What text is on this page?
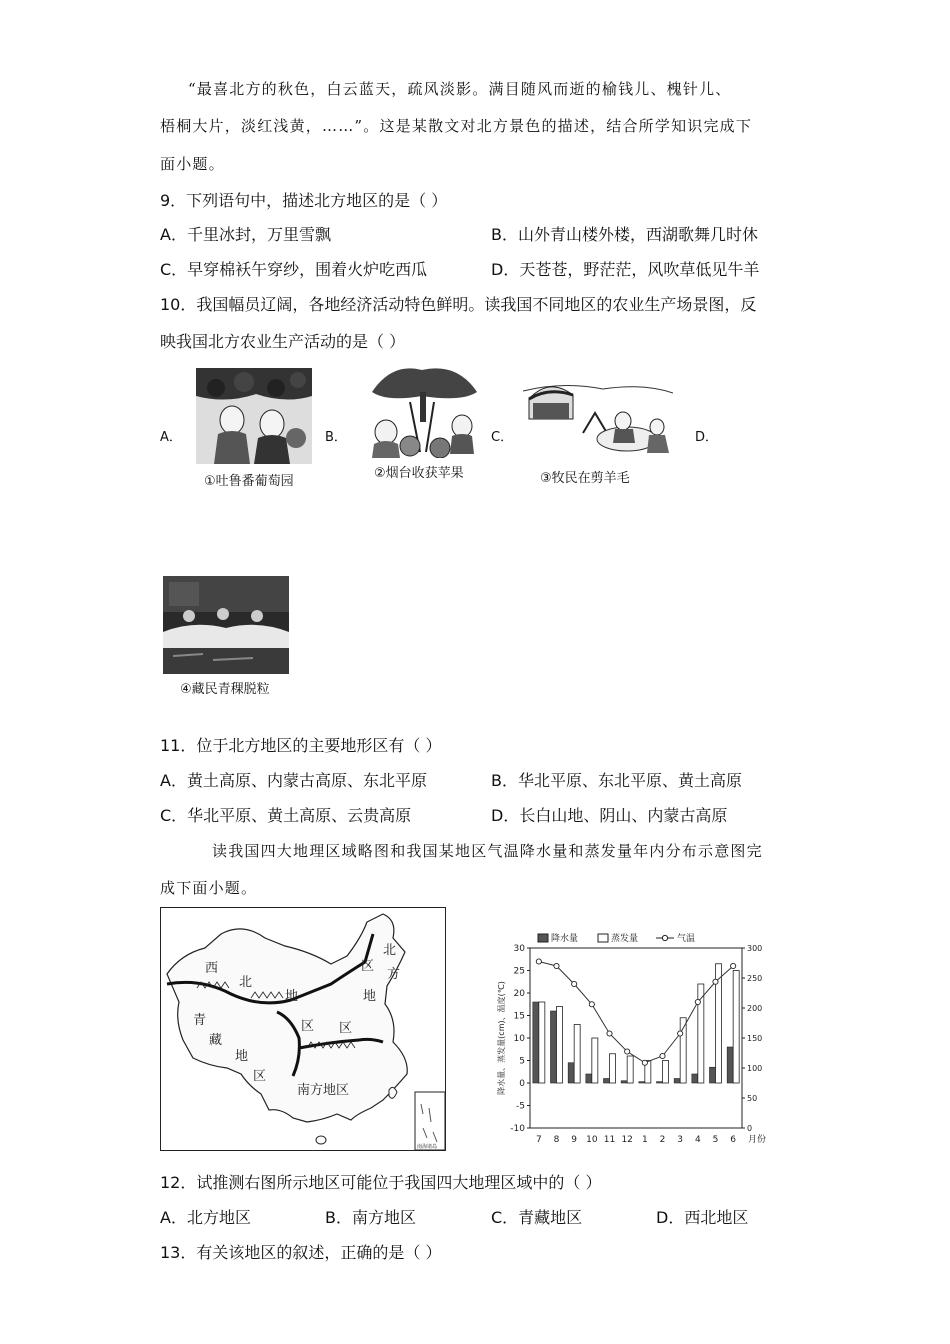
“最喜北方的秋色，白云蓝天，疏风淡影。满目随风而逝的榆钱儿、槐针儿、
梧桐大片，淡红浅黄，……”。这是某散文对北方景色的描述，结合所学知识完成下
面小题。
9．下列语句中，描述北方地区的是（ ）
A．千里冰封，万里雪飘	B．山外青山楼外楼，西湖歌舞几时休
C．早穿棉袄午穿纱，围着火炉吃西瓜	D．天苍苍，野茫茫，风吹草低见牛羊
10．我国幅员辽阔，各地经济活动特色鲜明。读我国不同地区的农业生产场景图，反
映我国北方农业生产活动的是（ ）
A．	B．	C．	D．
①吐鲁番葡萄园
②烟台收获苹果	③牧民在剪羊毛
④藏民青稞脱粒
11．位于北方地区的主要地形区有（ ）
A．黄土高原、内蒙古高原、东北平原	B．华北平原、东北平原、黄土高原
C．华北平原、黄土高原、云贵高原	D．长白山地、阴山、内蒙古高原
读我国四大地理区域略图和我国某地区气温降水量和蒸发量年内分布示意图完
成下面小题。
南海诸岛
西
北
地
区
北
方
区
地
区
青
藏
地
区
南方地区
30
25
20
15
10
5
0
-5
-10
300
250
200
150
100
50
0
降水量、蒸发量(cm)、温度(℃)
7 8 9 10 11 12 1 2 3 4 5 6 月份
降水量	蒸发量	气温
12．试推测右图所示地区可能位于我国四大地理区域中的（ ）
A．北方地区	B．南方地区	C．青藏地区	D．西北地区
13．有关该地区的叙述，正确的是（ ）
